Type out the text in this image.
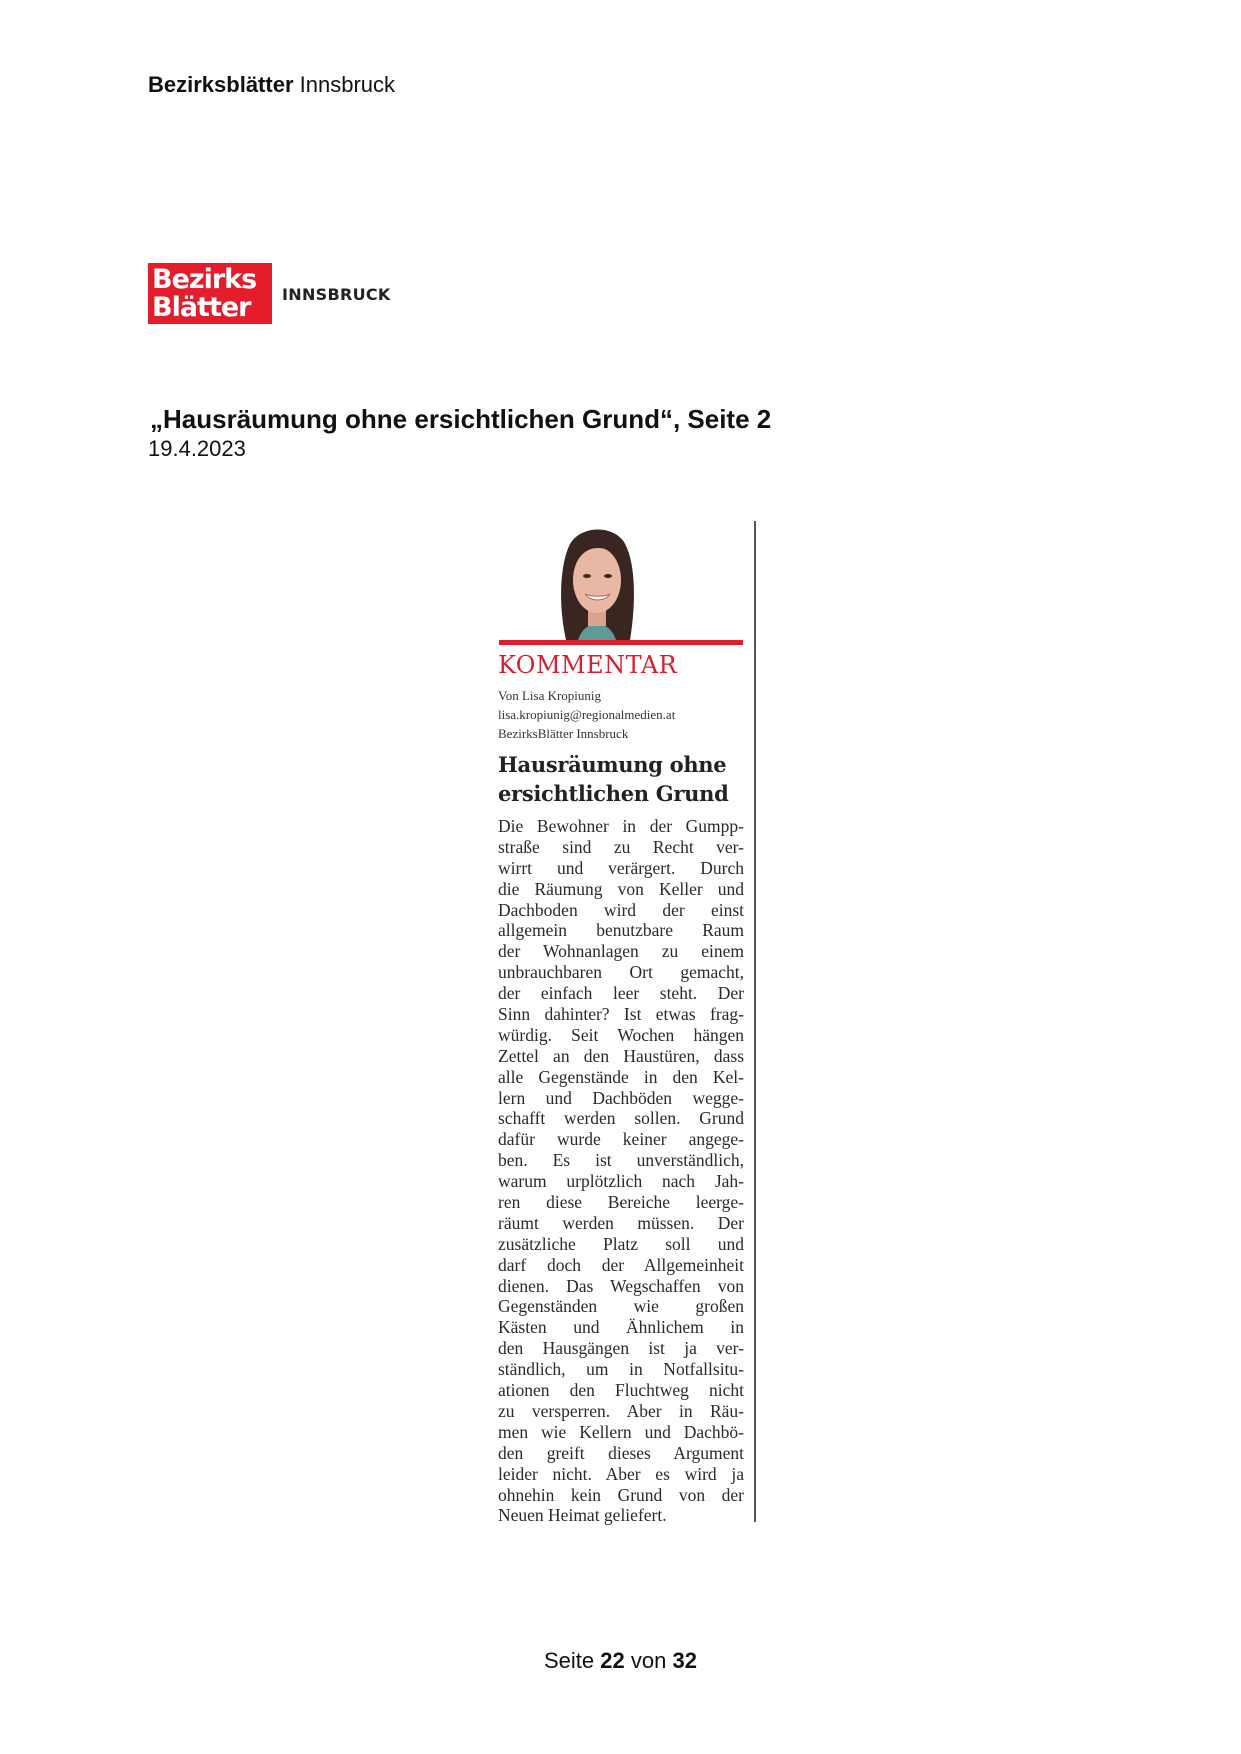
Bezirksblätter Innsbruck
Bezirks
Blätter	INNSBRUCK
„Hausräumung ohne ersichtlichen Grund“, Seite 2
19.4.2023
KOMMENTAR
Von Lisa Kropiunig
lisa.kropiunig@regionalmedien.at
BezirksBlätter Innsbruck
Hausräumung ohne
ersichtlichen Grund
Die Bewohner in der Gumpp-
straße sind zu Recht ver-
wirrt und verärgert. Durch
die Räumung von Keller und
Dachboden wird der einst
allgemein benutzbare Raum
der Wohnanlagen zu einem
unbrauchbaren Ort gemacht,
der einfach leer steht. Der
Sinn dahinter? Ist etwas frag-
würdig. Seit Wochen hängen
Zettel an den Haustüren, dass
alle Gegenstände in den Kel-
lern und Dachböden wegge-
schafft werden sollen. Grund
dafür wurde keiner angege-
ben. Es ist unverständlich,
warum urplötzlich nach Jah-
ren diese Bereiche leerge-
räumt werden müssen. Der
zusätzliche Platz soll und
darf doch der Allgemeinheit
dienen. Das Wegschaffen von
Gegenständen wie großen
Kästen und Ähnlichem in
den Hausgängen ist ja ver-
ständlich, um in Notfallsitu-
ationen den Fluchtweg nicht
zu versperren. Aber in Räu-
men wie Kellern und Dachbö-
den greift dieses Argument
leider nicht. Aber es wird ja
ohnehin kein Grund von der
Neuen Heimat geliefert.
Seite 22 von 32
